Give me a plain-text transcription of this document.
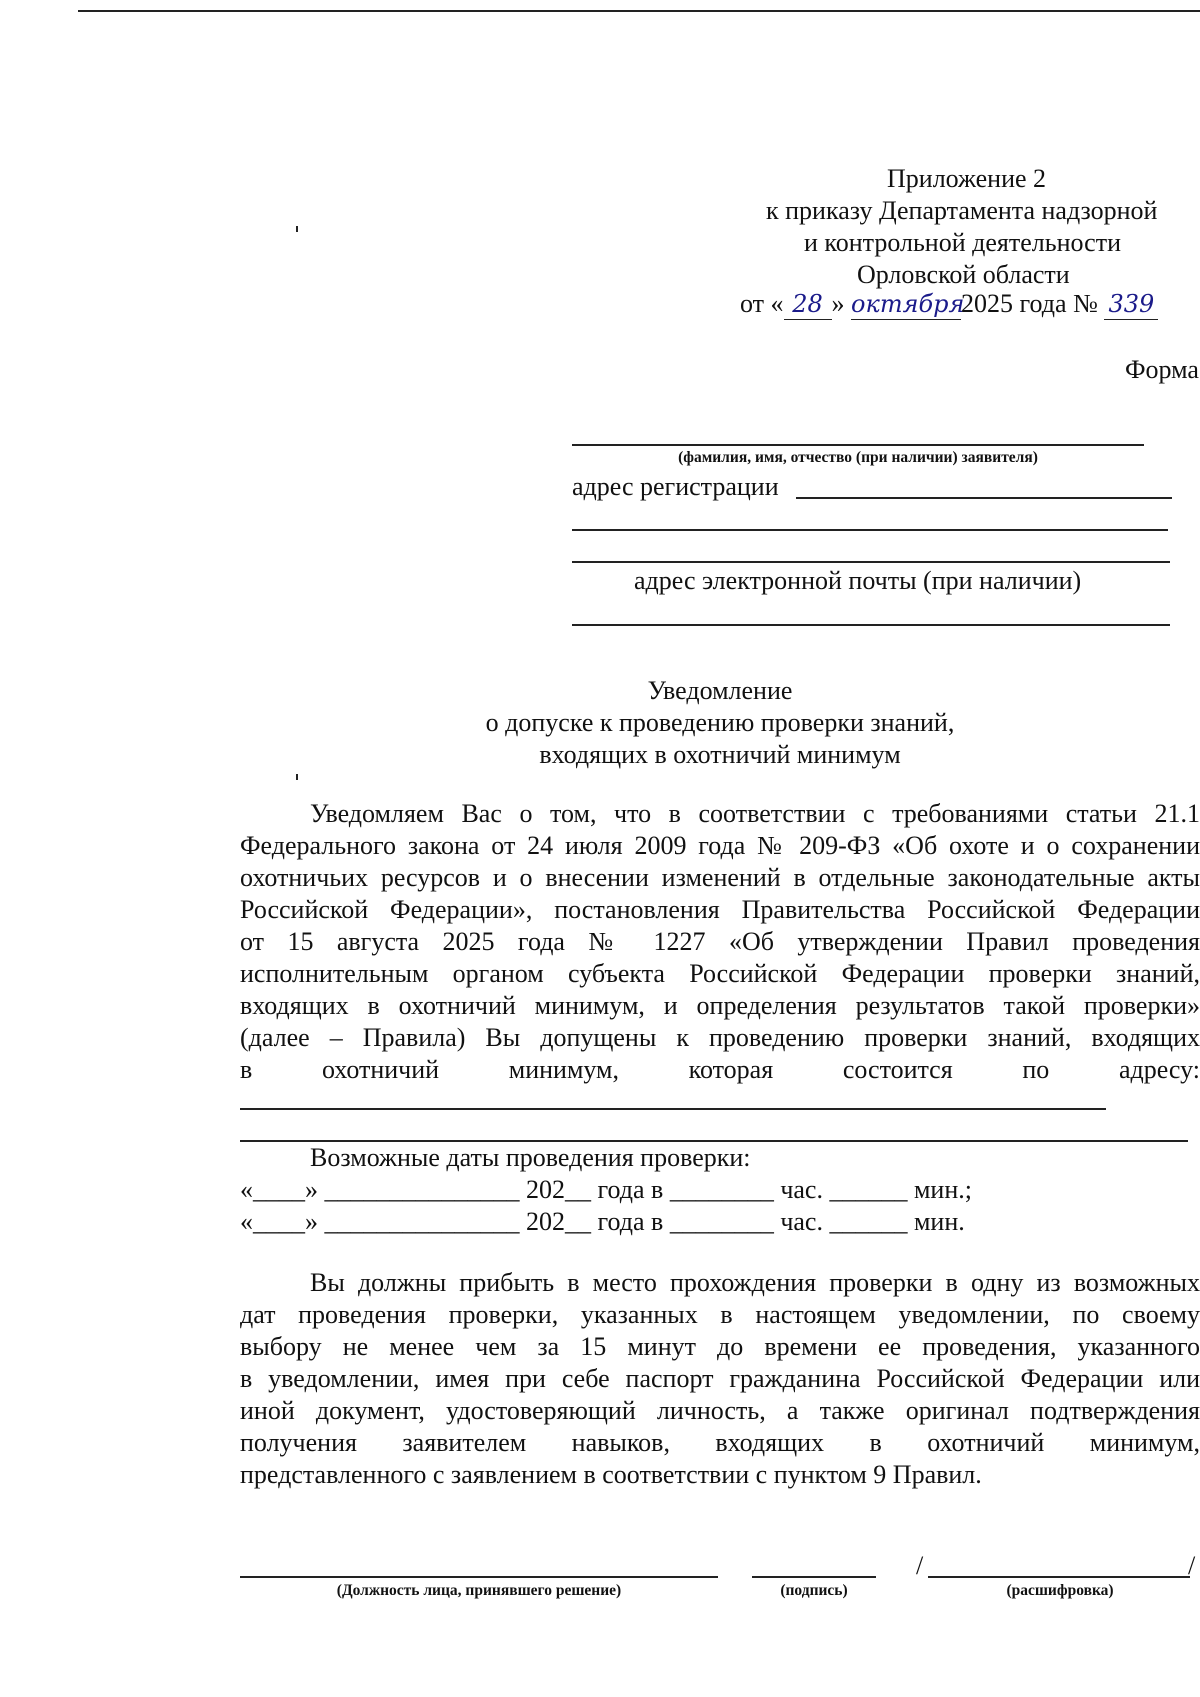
Приложение 2
к приказу Департамента надзорной
и контрольной деятельности
Орловской области
от « 28 » октября2025 года № 339
Форма
(фамилия, имя, отчество (при наличии) заявителя)
адрес регистрации
адрес электронной почты (при наличии)
Уведомление
о допуске к проведению проверки знаний,
входящих в охотничий минимум
Уведомляем Вас о том, что в соответствии с требованиями статьи 21.1
Федерального закона от 24 июля 2009 года № 209-ФЗ «Об охоте и о сохранении
охотничьих ресурсов и о внесении изменений в отдельные законодательные акты
Российской Федерации», постановления Правительства Российской Федерации
от 15 августа 2025 года № 1227 «Об утверждении Правил проведения
исполнительным органом субъекта Российской Федерации проверки знаний,
входящих в охотничий минимум, и определения результатов такой проверки»
(далее – Правила) Вы допущены к проведению проверки знаний, входящих
в охотничий минимум, которая состоится по адресу:
Возможные даты проведения проверки:
«____» _______________ 202__ года в ________ час. ______ мин.;
«____» _______________ 202__ года в ________ час. ______ мин.
Вы должны прибыть в место прохождения проверки в одну из возможных
дат проведения проверки, указанных в настоящем уведомлении, по своему
выбору не менее чем за 15 минут до времени ее проведения, указанного
в уведомлении, имея при себе паспорт гражданина Российской Федерации или
иной документ, удостоверяющий личность, а также оригинал подтверждения
получения заявителем навыков, входящих в охотничий минимум,
представленного с заявлением в соответствии с пунктом 9 Правил.
(Должность лица, принявшего решение)	(подпись)
/	/
(расшифровка)
